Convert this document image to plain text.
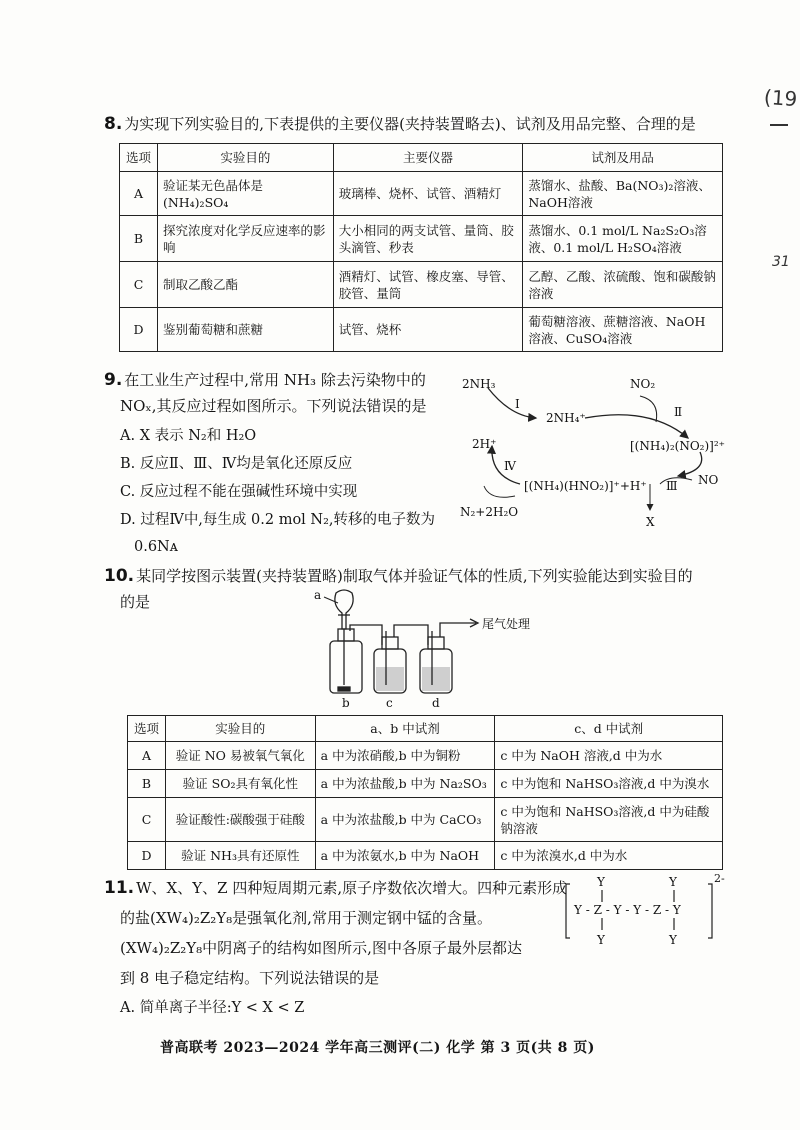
8. 为实现下列实验目的,下表提供的主要仪器(夹持装置略去)、试剂及用品完整、合理的是
选项	实验目的	主要仪器	试剂及用品
A	验证某无色晶体是(NH₄)₂SO₄	玻璃棒、烧杯、试管、酒精灯	蒸馏水、盐酸、Ba(NO₃)₂溶液、NaOH溶液
B	探究浓度对化学反应速率的影响	大小相同的两支试管、量筒、胶头滴管、秒表	蒸馏水、0.1 mol/L Na₂S₂O₃溶液、0.1 mol/L H₂SO₄溶液
C	制取乙酸乙酯	酒精灯、试管、橡皮塞、导管、胶管、量筒	乙醇、乙酸、浓硫酸、饱和碳酸钠溶液
D	鉴别葡萄糖和蔗糖	试管、烧杯	葡萄糖溶液、蔗糖溶液、NaOH溶液、CuSO₄溶液
9. 在工业生产过程中,常用 NH₃ 除去污染物中的
NOₓ,其反应过程如图所示。下列说法错误的是
A. X 表示 N₂和 H₂O
B. 反应Ⅱ、Ⅲ、Ⅳ均是氧化还原反应
C. 反应过程不能在强碱性环境中实现
D. 过程Ⅳ中,每生成 0.2 mol N₂,转移的电子数为
0.6Nᴀ
2NH₃
Ⅰ
2NH₄⁺
NO₂
Ⅱ
[(NH₄)₂(NO₂)]²⁺
2H⁺
Ⅳ
[(NH₄)(HNO₂)]⁺+H⁺ Ⅲ NO
N₂+2H₂O
X
10. 某同学按图示装置(夹持装置略)制取气体并验证气体的性质,下列实验能达到实验目的
的是	a
b	c	d
尾气处理
选项	实验目的	a、b 中试剂	c、d 中试剂
A	验证 NO 易被氧气氧化	a 中为浓硝酸,b 中为铜粉	c 中为 NaOH 溶液,d 中为水
B	验证 SO₂具有氧化性	a 中为浓盐酸,b 中为 Na₂SO₃	c 中为饱和 NaHSO₃溶液,d 中为溴水
C	验证酸性:碳酸强于硅酸	a 中为浓盐酸,b 中为 CaCO₃	c 中为饱和 NaHSO₃溶液,d 中为硅酸钠溶液
D	验证 NH₃具有还原性	a 中为浓氨水,b 中为 NaOH	c 中为浓溴水,d 中为水
11. W、X、Y、Z 四种短周期元素,原子序数依次增大。四种元素形成
的盐(XW₄)₂Z₂Y₈是强氧化剂,常用于测定钢中锰的含量。
(XW₄)₂Z₂Y₈中阴离子的结构如图所示,图中各原子最外层都达
到 8 电子稳定结构。下列说法错误的是
A. 简单离子半径:Y < X < Z
Y	Y
Y - Z - Y - Y - Z - Y
Y	Y
2-
普高联考 2023—2024 学年高三测评(二) 化学 第 3 页(共 8 页)
(19
31
